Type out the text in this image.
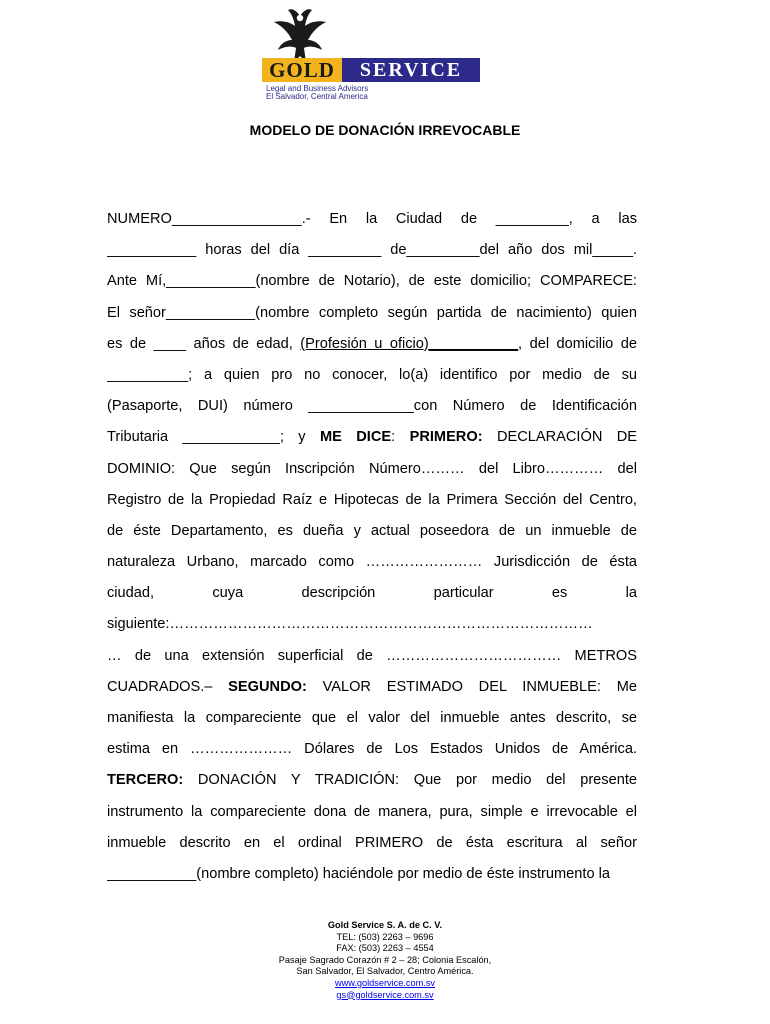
GOLD	SERVICE
Legal and Business Advisors
El Salvador, Central America
MODELO DE DONACIÓN IRREVOCABLE
NUMERO________________.- En la Ciudad de _________, a las
___________ horas del día _________ de_________del año dos mil_____.
Ante Mí,___________(nombre de Notario), de este domicilio; COMPARECE:
El señor___________(nombre completo según partida de nacimiento) quien
es de ____ años de edad, (Profesión u oficio)___________, del domicilio de
__________; a quien pro no conocer, lo(a) identifico por medio de su
(Pasaporte, DUI) número _____________con Número de Identificación
Tributaria ____________; y ME DICE: PRIMERO: DECLARACIÓN DE
DOMINIO: Que según Inscripción Número……… del Libro………… del
Registro de la Propiedad Raíz e Hipotecas de la Primera Sección del Centro,
de éste Departamento, es dueña y actual poseedora de un inmueble de
naturaleza Urbano, marcado como …………………… Jurisdicción de ésta
ciudad, cuya descripción particular es la
siguiente:……………………………………………………………………………
… de una extensión superficial de ……………………………… METROS
CUADRADOS.– SEGUNDO: VALOR ESTIMADO DEL INMUEBLE: Me
manifiesta la compareciente que el valor del inmueble antes descrito, se
estima en ………………… Dólares de Los Estados Unidos de América.
TERCERO: DONACIÓN Y TRADICIÓN: Que por medio del presente
instrumento la compareciente dona de manera, pura, simple e irrevocable el
inmueble descrito en el ordinal PRIMERO de ésta escritura al señor
___________(nombre completo) haciéndole por medio de éste instrumento la
Gold Service S. A. de C. V.
TEL: (503) 2263 – 9696
FAX: (503) 2263 – 4554
Pasaje Sagrado Corazón # 2 – 28; Colonia Escalón,
San Salvador, El Salvador, Centro América.
www.goldservice.com.sv
gs@goldservice.com.sv
